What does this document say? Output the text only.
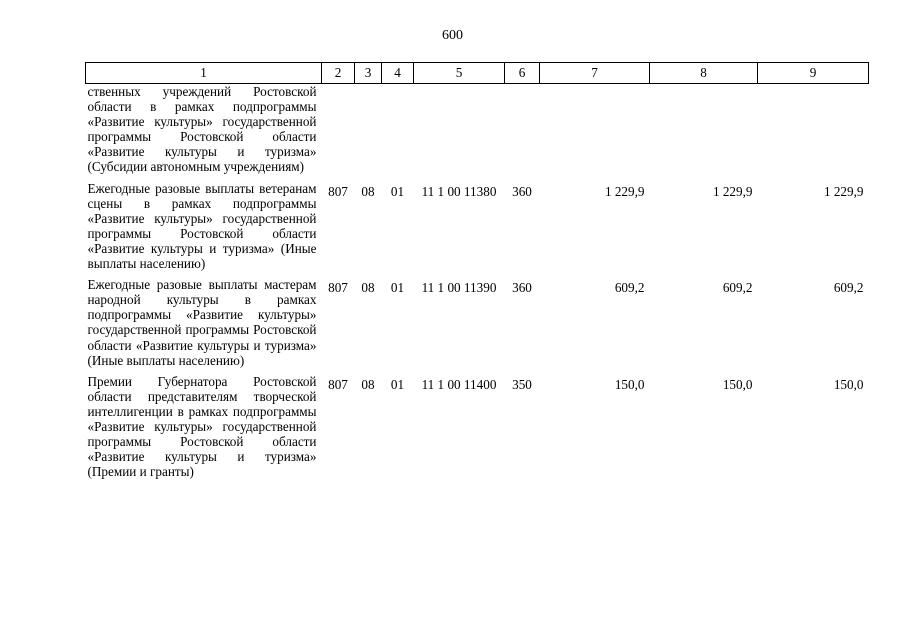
600
1	2	3	4	5	6	7	8	9
ственных учреждений Ростовской области в рамках подпрограммы «Развитие культуры» государственной программы Ростовской области «Развитие культуры и туризма» (Субсидии автономным учреждениям)								
Ежегодные разовые выплаты ветеранам сцены в рамках подпрограммы «Развитие культуры» государственной программы Ростовской области «Развитие культуры и туризма» (Иные выплаты населению)	807	08	01	11 1 00 11380	360	1 229,9	1 229,9	1 229,9
Ежегодные разовые выплаты мастерам народной культуры в рамках подпрограммы «Развитие культуры» государственной программы Ростовской области «Развитие культуры и туризма» (Иные выплаты населению)	807	08	01	11 1 00 11390	360	609,2	609,2	609,2
Премии Губернатора Ростовской области представителям творческой интеллигенции в рамках подпрограммы «Развитие культуры» государственной программы Ростовской области «Развитие культуры и туризма» (Премии и гранты)	807	08	01	11 1 00 11400	350	150,0	150,0	150,0
